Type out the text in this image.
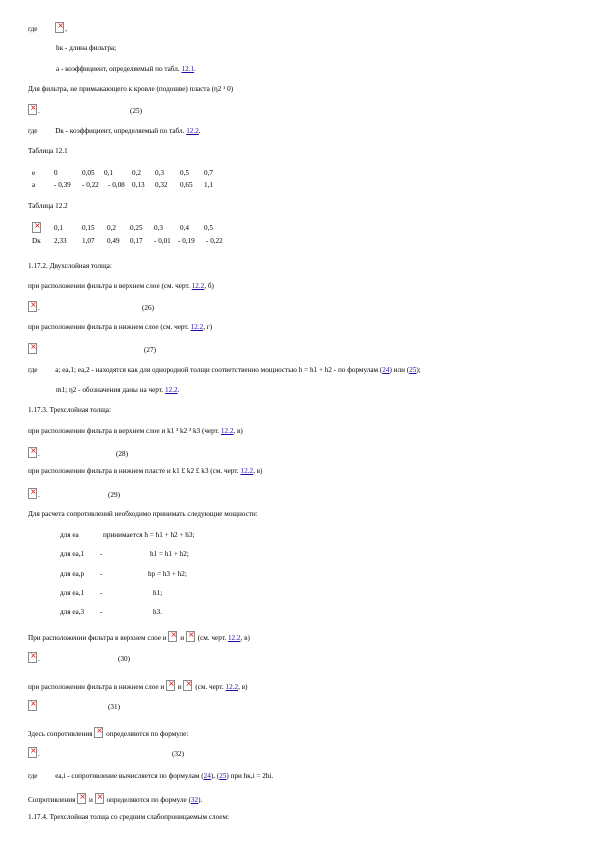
где ×	,
hк - длина фильтра;
a - коэффициент, определяемый по табл. 12.1.
Для фильтра, не примыкающего к кровле (подошве) пласта (η2 ¹ 0)
×.	(25)
где Dк - коэффициент, определяемый по табл. 12.2.
Таблица 12.1
e	0	0,05 0,1	0,2 0,3 0,5 0,7
a	- 0,39 - 0,22 - 0,08 0,13 0,32 0,65 1,1
Таблица 12.2
×
0,1	0,15 0,2 0,25 0,3 0,4 0,5
Dк 2,33 1,07 0,49 0,17 - 0,01 - 0,19 - 0,22
1.17.2. Двухслойная толща:
при расположении фильтра в верхнем слое (см. черт. 12.2, б)
×.	(26)
при расположении фильтра в нижнем слое (см. черт. 12.2, г)
×
(27)
где a; ea,1; ea,2 - находятся как для однородной толщи соответственно мощностью h = h1 + h2 - по формулам (24) или (25);
m1; η2 - обозначения даны на черт. 12.2.
1.17.3. Трехслойная толща:
при расположении фильтра в верхнем слое и k1 ³ k2 ³ k3 (черт. 12.2, в)
×.	(28)
при расположении фильтра в нижнем пласте и k1 £ k2 £ k3 (см. черт. 12.2, в)
×.	(29)
Для расчета сопротивлений необходимо принимать следующие мощности:
для ea	принимается h = h1 + h2 + h3;
для ea,1 -	h1 = h1 + h2;
для ea,p -	hp = h3 + h2;
для ea,1 -	h1;
для ea,3 -	h3.
При расположении фильтра в верхнем слое и × и × (см. черт. 12.2, в)
×.	(30)
при расположении фильтра в нижнем слое и × и × (см. черт. 12.2, в)
×
(31)
Здесь сопротивления × определяются по формуле:
×.	(32)
где ea,i - сопротивление вычисляется по формулам (24), (25) при hк,i = 2hi.
Сопротивления × и × определяются по формуле (32).
1.17.4. Трехслойная толща со средним слабопроницаемым слоем:
